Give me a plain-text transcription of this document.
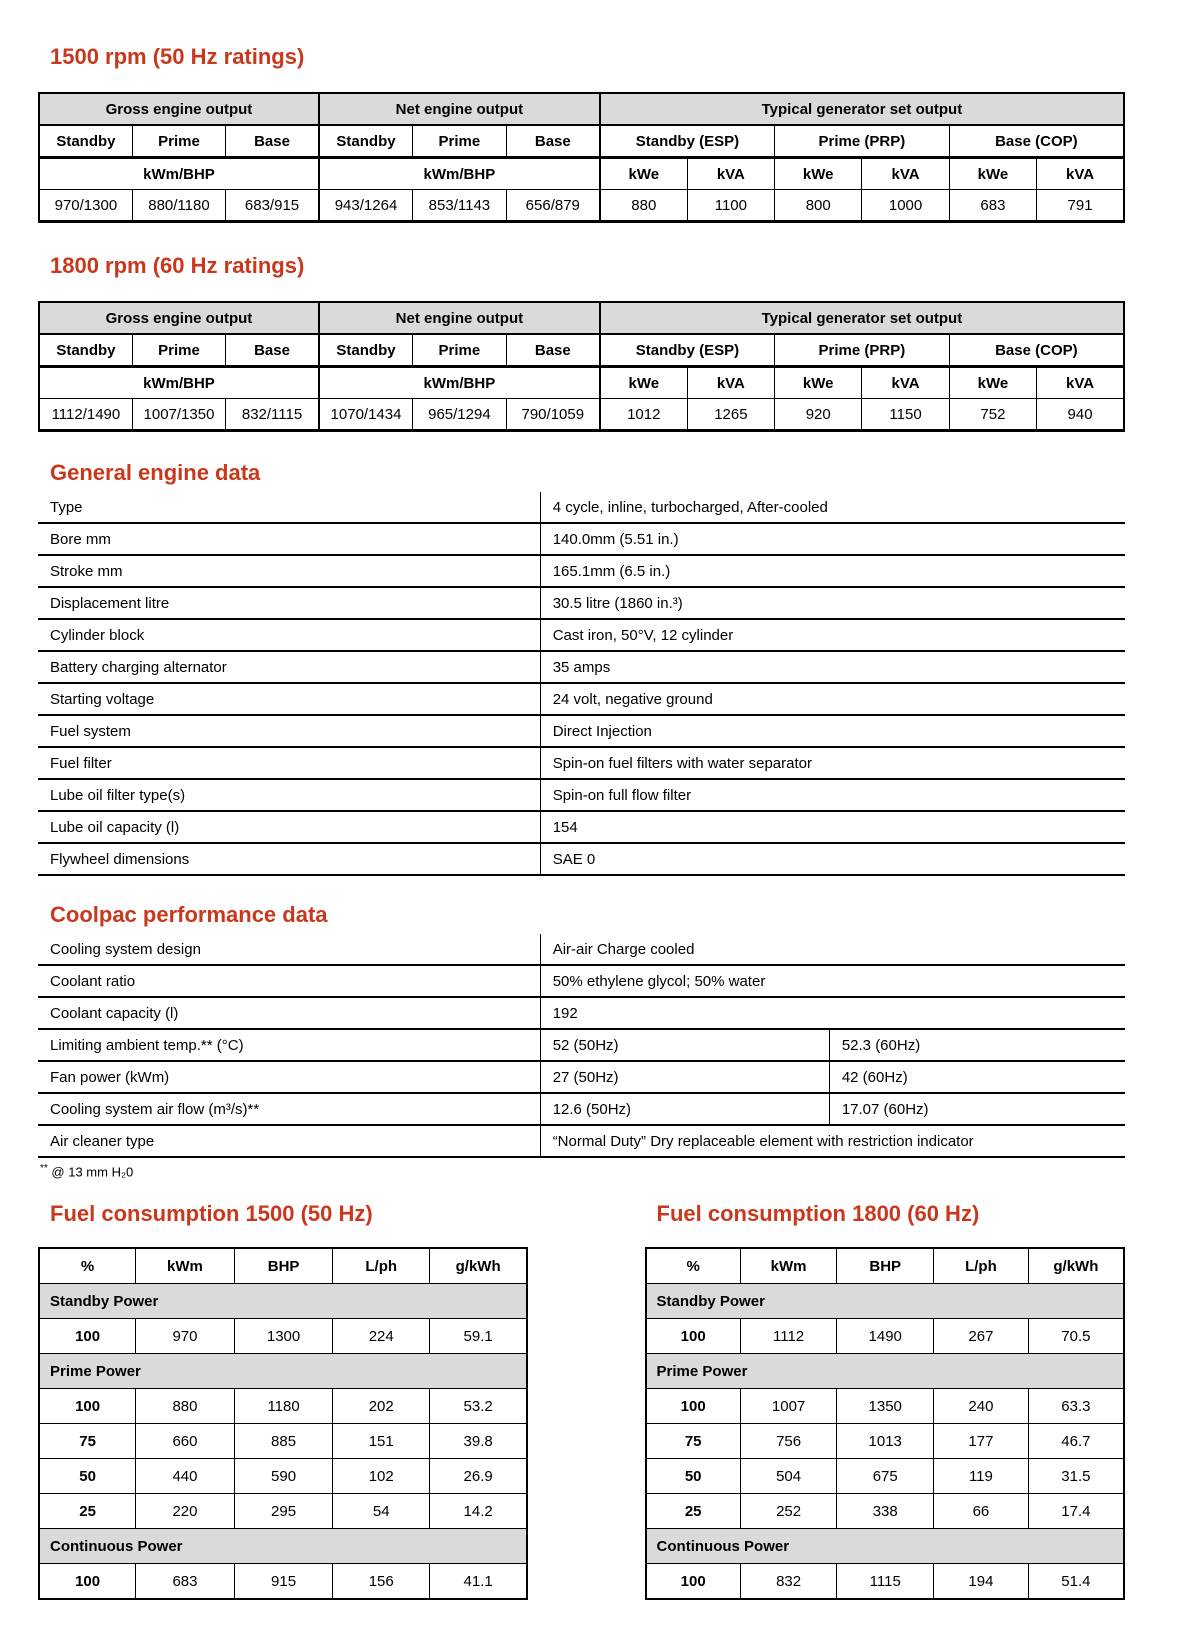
1500 rpm (50 Hz ratings)
Gross engine output			Net engine output			Typical generator set output					
Standby	Prime	Base	Standby	Prime	Base	Standby (ESP)		Prime (PRP)		Base (COP)	
kWm/BHP			kWm/BHP			kWe	kVA	kWe	kVA	kWe	kVA
970/1300	880/1180	683/915	943/1264	853/1143	656/879	880	1100	800	1000	683	791
1800 rpm (60 Hz ratings)
Gross engine output			Net engine output			Typical generator set output					
Standby	Prime	Base	Standby	Prime	Base	Standby (ESP)		Prime (PRP)		Base (COP)	
kWm/BHP			kWm/BHP			kWe	kVA	kWe	kVA	kWe	kVA
1112/1490	1007/1350	832/1115	1070/1434	965/1294	790/1059	1012	1265	920	1150	752	940
General engine data
Type	4 cycle, inline, turbocharged, After-cooled
Bore mm	140.0mm (5.51 in.)
Stroke mm	165.1mm (6.5 in.)
Displacement litre	30.5 litre (1860 in.³)
Cylinder block	Cast iron, 50°V, 12 cylinder
Battery charging alternator	35 amps
Starting voltage	24 volt, negative ground
Fuel system	Direct Injection
Fuel filter	Spin-on fuel filters with water separator
Lube oil filter type(s)	Spin-on full flow filter
Lube oil capacity (l)	154
Flywheel dimensions	SAE 0
Coolpac performance data
Cooling system design	Air-air Charge cooled	
Coolant ratio	50% ethylene glycol; 50% water	
Coolant capacity (l)	192	
Limiting ambient temp.** (°C)	52 (50Hz)	52.3 (60Hz)
Fan power (kWm)	27 (50Hz)	42 (60Hz)
Cooling system air flow (m³/s)**	12.6 (50Hz)	17.07 (60Hz)
Air cleaner type	“Normal Duty” Dry replaceable element with restriction indicator	
** @ 13 mm H₂0
Fuel consumption 1500 (50 Hz)
%	kWm	BHP	L/ph	g/kWh
Standby Power				
100	970	1300	224	59.1
Prime Power				
100	880	1180	202	53.2
75	660	885	151	39.8
50	440	590	102	26.9
25	220	295	54	14.2
Continuous Power				
100	683	915	156	41.1
Fuel consumption 1800 (60 Hz)
%	kWm	BHP	L/ph	g/kWh
Standby Power				
100	1112	1490	267	70.5
Prime Power				
100	1007	1350	240	63.3
75	756	1013	177	46.7
50	504	675	119	31.5
25	252	338	66	17.4
Continuous Power				
100	832	1115	194	51.4
